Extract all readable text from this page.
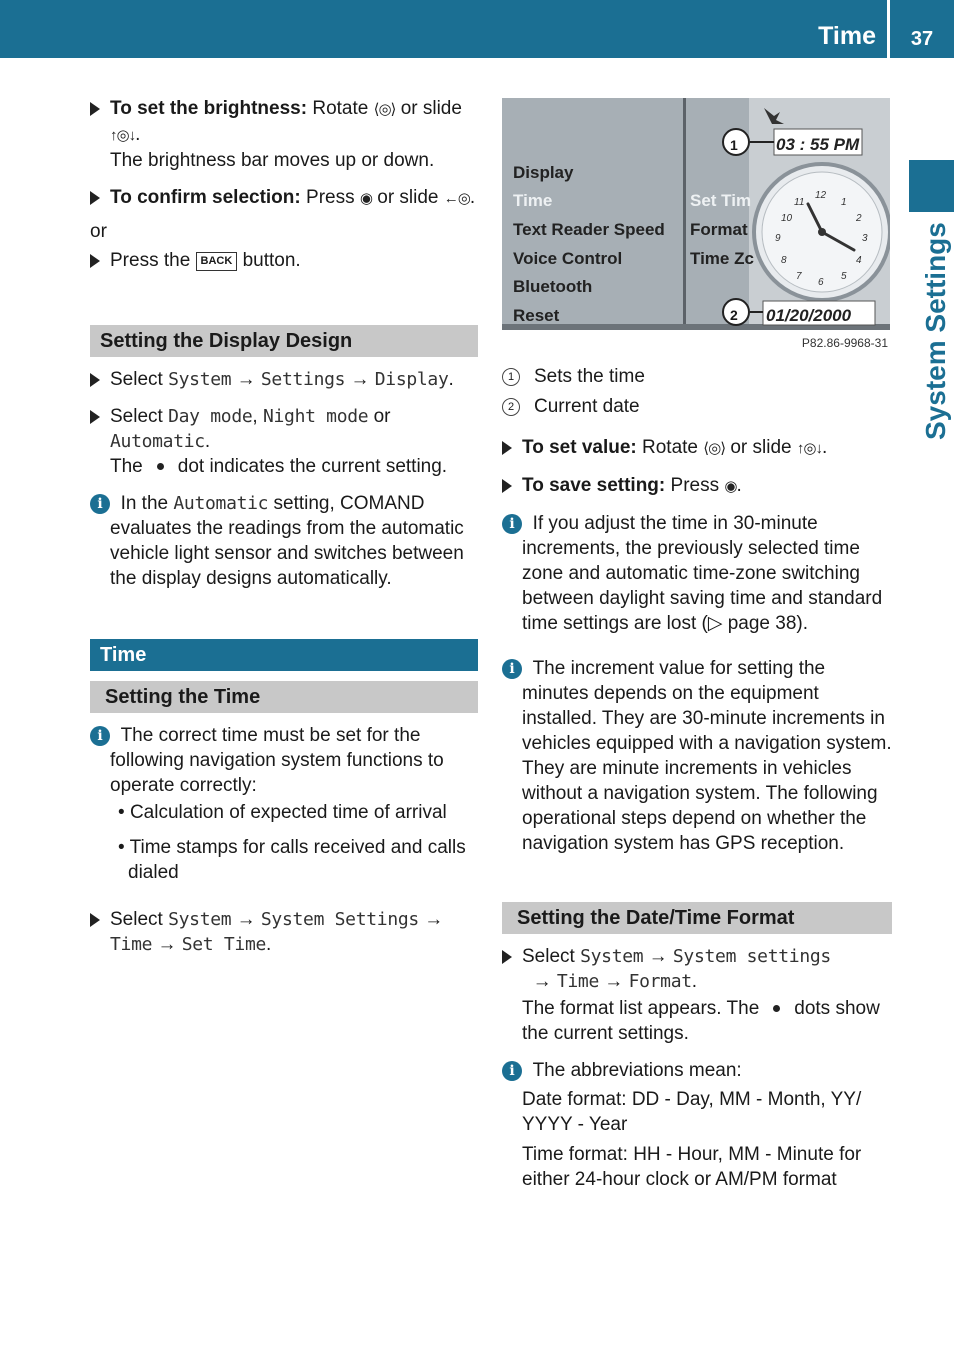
Time	37
System Settings
To set the brightness: Rotate ⟨◎⟩ or slide ↑◎↓.
The brightness bar moves up or down.
To confirm selection: Press ◉ or slide ←◎.
or
Press the BACK button.
Setting the Display Design
Select System → Settings → Display.
Select Day mode, Night mode or Automatic.
The dot indicates the current setting.
i In the Automatic setting, COMAND evaluates the readings from the automatic vehicle light sensor and switches between the display designs automatically.
Time
Setting the Time
i The correct time must be set for the following navigation system functions to operate correctly:
• Calculation of expected time of arrival
• Time stamps for calls received and calls dialed
Select System → System Settings → Time → Set Time.
Display
Time
Text Reader Speed
Voice Control
Bluetooth
Reset
Set Tim
Format
Time Zc
03 : 55 PM
01/20/2000
1
2
12
1
2
3
4
5
6
7
8
9
10
11
P82.86-9968-31
1	Sets the time
2	Current date
To set value: Rotate ⟨◎⟩ or slide ↑◎↓.
To save setting: Press ◉.
i If you adjust the time in 30-minute increments, the previously selected time zone and automatic time-zone switching between daylight saving time and standard time settings are lost (▷ page 38).
i The increment value for setting the minutes depends on the equipment installed. They are 30-minute increments in vehicles equipped with a navigation system. They are minute increments in vehicles without a navigation system. The following operational steps depend on whether the navigation system has GPS reception.
Setting the Date/Time Format
Select System → System settings
→ Time → Format.
The format list appears. The dots show the current settings.
i The abbreviations mean:
Date format: DD - Day, MM - Month, YY/ YYYY - Year
Time format: HH - Hour, MM - Minute for either 24-hour clock or AM/PM format
